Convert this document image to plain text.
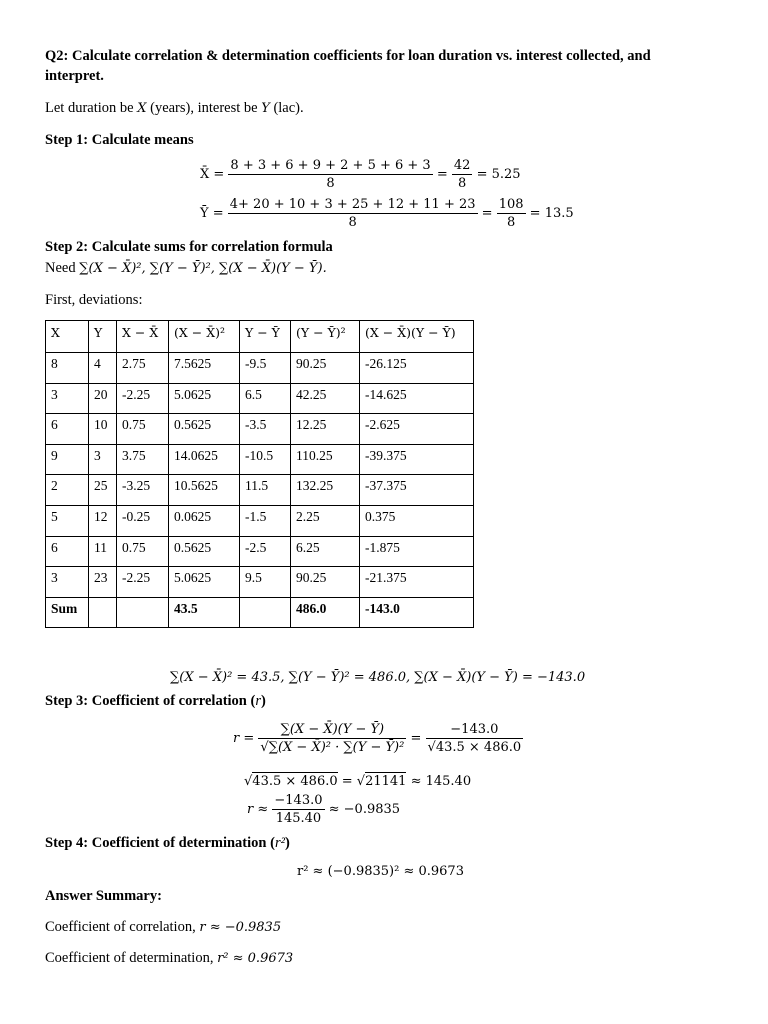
Q2: Calculate correlation & determination coefficients for loan duration vs. interest collected, and
interpret.
Let duration be X (years), interest be Y (lac).
Step 1: Calculate means
X̄ = $\frac{8 + 3 + 6 + 9 + 2 + 5 + 6 + 3}{8} = \frac{42}{8} = 5.25$
Ȳ = $\frac{4+ 20 + 10 + 3 + 25 + 12 + 11 + 23}{8} = \frac{108}{8} = 13.5$
Step 2: Calculate sums for correlation formula
Need ∑(X − X̄)², ∑(Y − Ȳ)², ∑(X − X̄)(Y − Ȳ).
First, deviations:
X	Y	X − X̄	(X − X̄)²	Y − Ȳ	(Y − Ȳ)²	(X − X̄)(Y − Ȳ)
8	4	2.75	7.5625	-9.5	90.25	-26.125
3	20	-2.25	5.0625	6.5	42.25	-14.625
6	10	0.75	0.5625	-3.5	12.25	-2.625
9	3	3.75	14.0625	-10.5	110.25	-39.375
2	25	-3.25	10.5625	11.5	132.25	-37.375
5	12	-0.25	0.0625	-1.5	2.25	0.375
6	11	0.75	0.5625	-2.5	6.25	-1.875
3	23	-2.25	5.0625	9.5	90.25	-21.375
Sum			43.5		486.0	-143.0
∑(X − X̄)² = 43.5, ∑(Y − Ȳ)² = 486.0, ∑(X − X̄)(Y − Ȳ) = −143.0
Step 3: Coefficient of correlation (r)
$r = \frac{\sum(X - X̄)(Y - Ȳ)}{\text{√∑(X − X̄)² · ∑(Y − Ȳ)²}} = \frac{-143.0}{√43.5 \times 486.0}$
√43.5 × 486.0 = √21141 ≈ 145.40
$r \approx \frac{-143.0}{145.40} \approx -0.9835$
Step 4: Coefficient of determination (r²)
r² ≈ (−0.9835)² ≈ 0.9673
Answer Summary:
Coefficient of correlation, r ≈ −0.9835
Coefficient of determination, r² ≈ 0.9673
